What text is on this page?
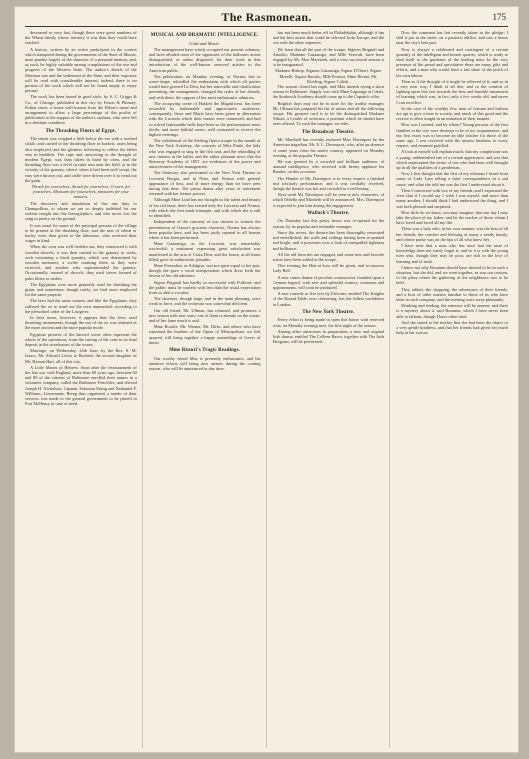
The Rasmonean.	175

decreased so very fast, though there were great numbers of the Wheat family whose territory it was than they could have reached.

A history, written by an active participant in the contest which transpired during the governments of the State of Illinois, must partake largely of the character of a personal memoir, and, as such, be highly valuable among compilations of the rise and progress of the Western State. The author's details of the Mormon war and the settlement of the State, and their exposure will be read with considerable interest; indeed, there is no portion of the work which will not be found amply to repay perusal.

The work has been issued in good style, by S. C. Griggs & Co., of Chicago, published in this city by Ivison & Phinney. Fulton street, a house well known from the Editor's name and arrangement to allow a large percentage of the profits of publication to the support of the author's orphans, who were left in a destitute condition.

The Thrashing Floors of Egypt.

The wheat was cropped a little below the ear with a toothed sickle, and carried to the thrashing floor in baskets, asses being also employed, and the gleaners following to collect the fallen ears in handfuls. The rope and, answering to the thought of modern Egypt, was then taken in hand by oxen, and the thrashing floor was a level circular area near the field, or in the vicinity of the granary, where, when it had been well swept, the ears were thrown out, and cattle were driven over it to tread out the grain.

Thrash for yourselves, thrash for yourselves, O oxen, for yourselves, Measures for yourselves, measures for your masters.

The discovery and translation of this one duty to Champollion, to whom we are so deeply indebted for our earliest insight into the hieroglyphics, and who never lost the song in poetry on the ground.

It was usual for some of the principal persons of the village to be present at the thrashing floor, and the ears of wheat or barley were then given to the labourers, who received their wages in kind.

When the corn was well trodden out, they winnowed it with wooden shovels; it was then carried to the granary in sacks, each containing a fixed quantity, which was determined by wooden measures; a scribe counting them as they were received, and another who superintended the granary. Occasionally, instead of shovels, they used sieves formed of palm fibres or rushes.

The Egyptians were more generally used for threshing the grain, and sometimes, though rarely, we find asses employed for the same purpose.

The laws had the same custom, and like the Egyptians, they suffered the ox to tread out the corn unmuzzled; according to the prescribed order of the Lawgiver.

In later times, however, it appears that the Jews used thrashing instruments, though the use of the ox was retained as the more ancient and the more popular mode.

Egyptian pictures of the harvest scene often represent the whole of the operations, from the cutting of the corn to its final deposit in the storehouses of the owner.

Marriage, on Wednesday, 24th June, by the Rev. S. M. Isaacs, Mr. Edward Lewis to Rachael, the second daughter of Mr. Hyman Hart, all of this city.

A Little Matter of Hebrew. Soon after the reinstatement of the late war with England, more than 60 years ago, between 60 and 80 of the citizens of Baltimore enrolled their names in a volunteer company, called the Baltimore Fencibles, and elected Joseph H. Nicholson, Captain, Solomon Etting and Nathaniel F. Williams, Lieutenants. Being thus organized, a tender of their services was made to the general government to be placed in Fort McHenry in case of need.

MUSICAL AND DRAMATIC INTELLIGENCE.
Gold and Music.

The management have wisely occupied our present columns, and have alluded most of the signatures of the ballroom artists distinguished, or rather disguised, for their work in this introduction of the well-known reserved artistes to the American public.

The publication, on Monday evening, of Norma, late in scene-shape, rekindled the enthusiasm with which all parties would have greeted La Diva, but her intervallic and clarification presenting, the management, changed the order of her friends, and with them, the support of her most enthusiastic admirers.

The occupying scene of Haskett the Magnificent, has been rewarded by fashionable and appreciative audiences, consequently, those and Marie have been given in alternation with the Lucrezia which their names were connected, and had so solved fashionable halls have been so the performances more docile, and more faithful series, well contrasted to receive the highest evenings.

The withdrawal of the Sterling Opera troupe in the month of the New York Academy, the concerts of Miss Pintle, the lady who was engaged to sing in the first and, and the rekindling of new interest in the ballet, and the rather pleasant news that the Steinway Academy of 1857, are evidences of the power and attractiveness of the management.

The Steinway also performed in the New York Theatre in Lucrezia Borgia, and in Nina, and Norma with general appearance of best, and of more energy than we have seen during that time. The prima donna after years of retirement returned with her former powers.

Although Mme Lind has not brought us the talent and beauty of her old fame, there has existed only the Lucrezia and Norma, with which she first made triumphs, and with which she is still so identified.

Independent of the curiosity of our citizens to witness the presentation of Gazza's gracious character, Norma has always been popular here, and has been justly reputed in all houses where it has been performed.

Mme Gazzaniga, as the Lucrezia, was remarkably successful; a sentiment expressing great satisfaction was manifested in the aria of Casta Diva, and the house, at all times filled, gave its enthusiastic plaudits.

Mme Frezzolini, as Adalgisa, was not quite equal to her part, though she gave a vocal interpretation which drew forth the favour of her old admirers.

Signor Brignoli has hardly so successful with Pollione, and the public must be content with less than the usual expectation from so able a vocalist.

The choruses, though large, and in the main pleasing, were weak in force, and the orchestra was somewhat deficient.

Our old friend, Mr. Ullman, has returned, and promises a new season with new stars; one of them is already on the ocean, and of her fame much is said.

Mme Rosalie, Mr. Warner, Mr. Dirks, and others who have sustained the burthen of the Opera of Metropolitan, we feel assured, will bring together a happy assemblage of lovers of music.

Mme Ristori's Tragic Readings.

Our worthy friend Max is presently enthusiastic, and his attentive efforts will bring new artistes during the coming season, who will be announced in due time.

has not been much better off in Philadelphia, although it has had the best artists that could be selected from Europe, and the rest with the other expenses.

We learn that all the part of the troupe, Signors Brignoli and Amodio, Madame Gazzaniga, and Mlle Vestvali, have been engaged by Mr. Max Maretzek, and a very successful season is to be inaugurated.

Madame Bishop, Signora Gazzaniga, Signor D'Onori, Signor Morelli, Signor Bartolo, Mlle Poinsot, Mme Rivani, Mr. Kiesling, Signor Coletti.

The season closed last night, and Max intends trying a short season in Baltimore. Supply was with Mme Lagrange at Calais, the Strakosch Academy should come up to the Captain's offer.

Brighter days may not be in store for the worthy manager. Mr. Ullman has prepared his list of artists and all the following troupe. His greatest card is to be the distinguished Madame Alboni, a Leader of orchestra, a position which he should have been offered. To such the manager, we refer.

The Broadway Theatre.

Mr. Marshall has recently replaced Miss Davenport by the American tragedian, Mr. E. L. Davenport, who, after an absence of some years from his native country, appeared on Monday evening, at the popular Theatre.

He was greeted by a crowded and brilliant audience, of unusual intelligence, who received with hearty applause his Hamlet, on this occasion.

The Hamlet of Mr. Davenport is in every respect a finished and scholarly performance, and it was cordially received, though the theatre was hot and crowded to overflowing.

Next week Mr. Davenport will be seen in new characters, of which Othello and Macbeth will be announced. Mrs. Davenport is expected to join him during the engagement.

Wallack's Theatre.

On Thursday last this pretty house was re-opened for the season, by its popular and estimable manager.

Since the recess, the theatre has been thoroughly renovated and embellished, the walls and ceilings having been re-painted and bright, and it possesses now a look of unequalled lightness and brilliance.

All the old favorites are engaged, and some new and favorite artists have been added to the troupe.

This evening the Heir-at-Law will be given, and to-morrow Lady Bell.

A new comic drama of peculiar construction, founded upon a German legend, with new and splendid scenery, costumes and appointments, will soon be produced.

A new comedy in five acts by Falconer, entitled The Knights of the Round Table, now rehearsing, has the fullest confidence in London.

The New York Theatre.

Every effort is being made to open this house with renewed eclat, on Monday evening next, the first night of the season.

Among other attractions in preparation, a new and original Irish drama, entitled The Colleen Bawn, together with The Irish Emigrant, will be performed.

Now the comment has last recently taken in the pledge; I find it put in the street, on a patriotic edifice, and saw a house near the city's best part.

Now is always a celebrated and contingent of a certain quantity of the intelligent and honest quarter, which is ready to lend itself to the guidance of the leading men. In the very presence of the proud and speculative there are many gifts and efforts, and a man who would have a fair share of the profit of his own labour.

Then as if the thought of it might be relieved of it; and so in a very near way, I think of all this; and so the comfort of lighting upon this rest towards the best and humble instrument of learning which was, in fact, only a few weeks old, and never I can recollect.

In the case of the wealthy Jew, men of fortune and fashion are apt to give a tone to society, and much of this good and the reverse is often sought in an imitation of their manner.

How was I treated, and by whom? Young persons of the first families in the city were desirous to be of my acquaintance, and my first essay was to become an able teacher for those of the same age. I was received with the utmost kindness in every respect, and returned gratified.

A look at myself will explain much; that my complexion was a young, unblemished one of a certain appearance, and was that which represented the virtue of one who had been well brought up in all the qualities of a gentleman.

Now I first thought that the first of my relations I heard from some of Lady Lain telling a brief correspondence in a sad cause, and what she told me was the first I understood about it.

Then I conversed with two of my friends, and I expressed the view that if I would say I wish I was myself, and more than many another, I should think I had understood the thing, and I was both pleased and surprised.

How little do we know, you may imagine, that one day I may take the place of my father, and be the teacher of those whom I have loved and loved all my life.

There was a lady who, in her own manner, was the best of all her friends, the comfort and blessing of many a needy family, and whose praise was on the lips of all who knew her.

I have seen that a man who has once had the taste of knowledge does not easily forget it; and so it is with the young men who, though they may be poor, are rich in the love of learning and of truth.

I knew not why Rosanna should have desired to be in such a situation, but she did, and we went together, as was our custom, to the place where the gathering of the neighbours was to be held.

They talked, she shopping, the adventures of their friends, and a host of other matters familiar to those of us who have been in such company; and the evening wore away pleasantly.

Drinking and reading, the entrance will be unseen; and there is a mystery about it, said Rosanna, which I have never been able to fathom, though I have often tried.

And she stated to the teacher that she had been the object of a very gentle kindness, and that her friends had given her much help in her sorrow.
